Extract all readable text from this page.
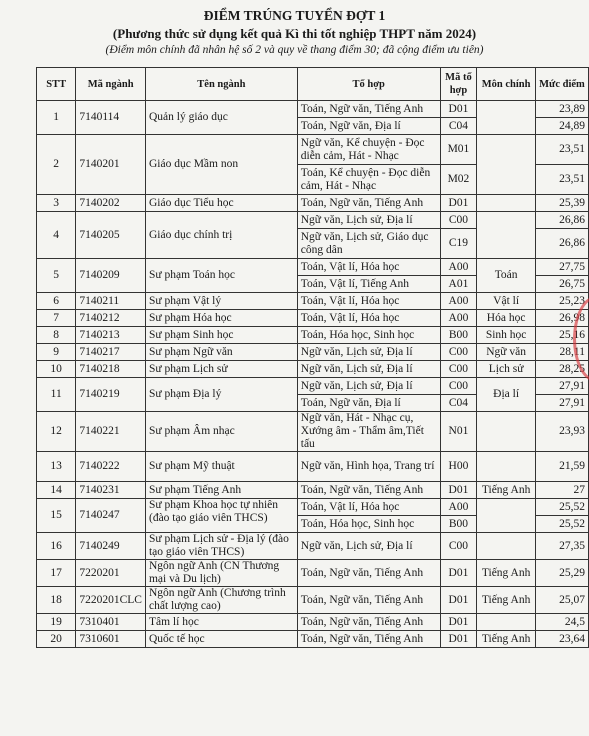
ĐIỂM TRÚNG TUYỂN ĐỢT 1
(Phương thức sử dụng kết quả Kì thi tốt nghiệp THPT năm 2024)
(Điểm môn chính đã nhân hệ số 2 và quy về thang điểm 30; đã cộng điểm ưu tiên)
STT	Mã ngành	Tên ngành	Tổ hợp	Mã tổ hợp	Môn chính	Mức điểm
1	7140114	Quản lý giáo dục	Toán, Ngữ văn, Tiếng Anh	D01		23,89
			Toán, Ngữ văn, Địa lí	C04		24,89
2	7140201	Giáo dục Mầm non	Ngữ văn, Kể chuyện - Đọc diễn cảm, Hát - Nhạc	M01		23,51
			Toán, Kể chuyện - Đọc diễn cảm, Hát - Nhạc	M02		23,51
3	7140202	Giáo dục Tiểu học	Toán, Ngữ văn, Tiếng Anh	D01		25,39
4	7140205	Giáo dục chính trị	Ngữ văn, Lịch sử, Địa lí	C00		26,86
			Ngữ văn, Lịch sử, Giáo dục công dân	C19		26,86
5	7140209	Sư phạm Toán học	Toán, Vật lí, Hóa học	A00	Toán	27,75
			Toán, Vật lí, Tiếng Anh	A01		26,75
6	7140211	Sư phạm Vật lý	Toán, Vật lí, Hóa học	A00	Vật lí	25,23
7	7140212	Sư phạm Hóa học	Toán, Vật lí, Hóa học	A00	Hóa học	26,98
8	7140213	Sư phạm Sinh học	Toán, Hóa học, Sinh học	B00	Sinh học	25,16
9	7140217	Sư phạm Ngữ văn	Ngữ văn, Lịch sử, Địa lí	C00	Ngữ văn	28,11
10	7140218	Sư phạm Lịch sử	Ngữ văn, Lịch sử, Địa lí	C00	Lịch sử	28,25
11	7140219	Sư phạm Địa lý	Ngữ văn, Lịch sử, Địa lí	C00	Địa lí	27,91
			Toán, Ngữ văn, Địa lí	C04		27,91
12	7140221	Sư phạm Âm nhạc	Ngữ văn, Hát - Nhạc cụ, Xướng âm - Thẩm âm,Tiết tấu	N01		23,93
13	7140222	Sư phạm Mỹ thuật	Ngữ văn, Hình họa, Trang trí	H00		21,59
14	7140231	Sư phạm Tiếng Anh	Toán, Ngữ văn, Tiếng Anh	D01	Tiếng Anh	27
15	7140247	Sư phạm Khoa học tự nhiên (đào tạo giáo viên THCS)	Toán, Vật lí, Hóa học	A00		25,52
			Toán, Hóa học, Sinh học	B00		25,52
16	7140249	Sư phạm Lịch sử - Địa lý (đào tạo giáo viên THCS)	Ngữ văn, Lịch sử, Địa lí	C00		27,35
17	7220201	Ngôn ngữ Anh (CN Thương mại và Du lịch)	Toán, Ngữ văn, Tiếng Anh	D01	Tiếng Anh	25,29
18	7220201CLC	Ngôn ngữ Anh (Chương trình chất lượng cao)	Toán, Ngữ văn, Tiếng Anh	D01	Tiếng Anh	25,07
19	7310401	Tâm lí học	Toán, Ngữ văn, Tiếng Anh	D01		24,5
20	7310601	Quốc tế học	Toán, Ngữ văn, Tiếng Anh	D01	Tiếng Anh	23,64
